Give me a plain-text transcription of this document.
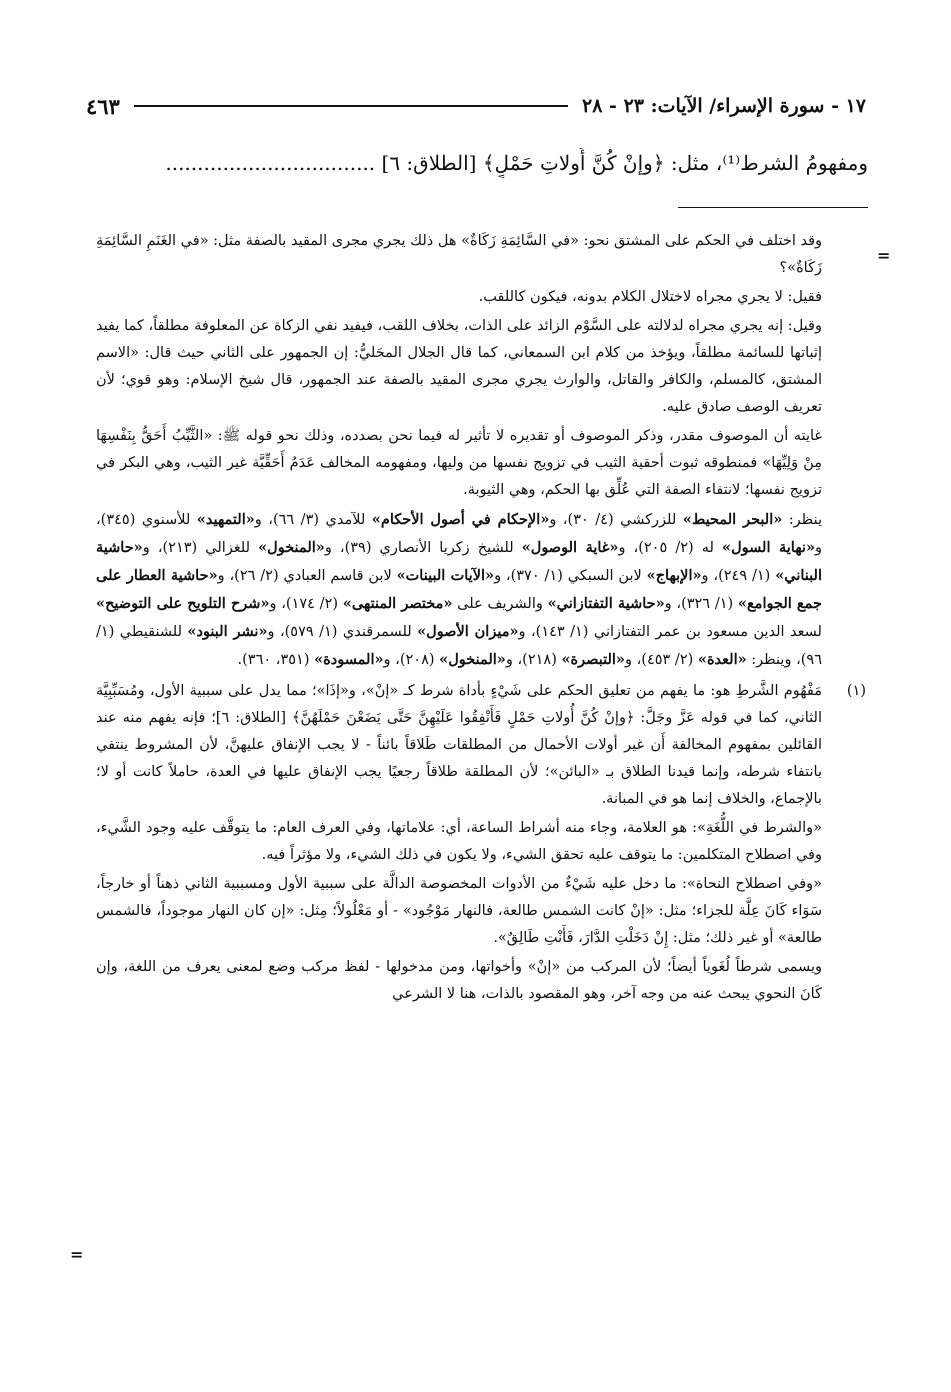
١٧ - سورة الإسراء/ الآيات: ٢٣ - ٢٨
٤٦٣
ومفهومُ الشرط⁽¹⁾، مثل: ﴿وإنْ كُنَّ أُولاتِ حَمْلٍ﴾ [الطلاق: ٦] .................................
=

وقد اختلف في الحكم على المشتق نحو: «في السَّائِمَةِ زَكَاةٌ» هل ذلك يجري مجرى المقيد بالصفة مثل: «في الغَنَمِ السَّائِمَةِ زَكَاةٌ»؟

فقيل: لا يجري مجراه لاختلال الكلام بدونه، فيكون كاللقب.

وقيل: إنه يجري مجراه لدلالته على السَّوْم الزائد على الذات، بخلاف اللقب، فيفيد نفي الزكاة عن المعلوفة مطلقاً، كما يفيد إثباتها للسائمة مطلقاً، ويؤخذ من كلام ابن السمعاني، كما قال الجلال المحَليُّ: إن الجمهور على الثاني حيث قال: «الاسم المشتق، كالمسلم، والكافر والقاتل، والوارث يجري مجرى المقيد بالصفة عند الجمهور، قال شيخ الإسلام: وهو قوي؛ لأن تعريف الوصف صادق عليه.

غايته أن الموصوف مقدر، وذكر الموصوف أو تقديره لا تأثير له فيما نحن بصدده، وذلك نحو قوله ﷺ: «الثَّيِّبُ أَحَقُّ بِنَفْسِهَا مِنْ وَلِيِّهَا» فمنطوقه ثبوت أحقية الثيب في تزويج نفسها من وليها، ومفهومه المخالف عَدَمُ أَحَقِّيَّة غير الثيب، وهي البكر في تزويج نفسها؛ لانتفاء الصفة التي عُلِّق بها الحكم، وهي الثيوبة.

ينظر: «البحر المحيط» للزركشي (٤/ ٣٠)، و«الإحكام في أصول الأحكام» للآمدي (٣/ ٦٦)، و«التمهيد» للأسنوي (٣٤٥)، و«نهاية السول» له (٢/ ٢٠٥)، و«غاية الوصول» للشيخ زكريا الأنصاري (٣٩)، و«المنخول» للغزالي (٢١٣)، و«حاشية البناني» (١/ ٢٤٩)، و«الإبهاج» لابن السبكي (١/ ٣٧٠)، و«الآيات البينات» لابن قاسم العبادي (٢/ ٢٦)، و«حاشية العطار على جمع الجوامع» (١/ ٣٢٦)، و«حاشية التفتازاني» والشريف على «مختصر المنتهى» (٢/ ١٧٤)، و«شرح التلويح على التوضيح» لسعد الدين مسعود بن عمر التفتازاني (١/ ١٤٣)، و«ميزان الأصول» للسمرقندي (١/ ٥٧٩)، و«نشر البنود» للشنقيطي (١/ ٩٦)، وينظر: «العدة» (٢/ ٤٥٣)، و«التبصرة» (٢١٨)، و«المنخول» (٢٠٨)، و«المسودة» (٣٥١، ٣٦٠).

(١)
مَفْهُوم الشَّرطِ هو: ما يفهم من تعليق الحكم على شَيْءٍ بأداة شرط كـ «إنْ»، و«إذَا»؛ مما يدل على سببية الأول، ومُسَبِّبِيَّة الثاني، كما في قوله عَزَّ وجَلَّ: ﴿وإنْ كُنَّ أُولاتِ حَمْلٍ فَأَنْفِقُوا عَلَيْهِنَّ حَتَّى يَضَعْنَ حَمْلَهُنَّ﴾ [الطلاق: ٦]؛ فإنه يفهم منه عند القائلين بمفهوم المخالفة أَن غير أولات الأحمال من المطلقات طَلاقاً بائناً - لا يجب الإنفاق عليهنَّ، لأن المشروط ينتفي بانتفاء شرطه، وإنما قيدنا الطلاق بـ «البائن»؛ لأن المطلقة طلاقاً رجعيًا يجب الإنفاق عليها في العدة، حاملاً كانت أو لا؛ بالإجماع، والخلاف إنما هو في المبانة.

«والشرط في اللُّغَةِ»: هو العلامة، وجاء منه أشراط الساعة، أي: علاماتها، وفي العرف العام: ما يتوقَّف عليه وجود الشَّيء، وفي اصطلاح المتكلمين: ما يتوقف عليه تحقق الشيء، ولا يكون في ذلك الشيء، ولا مؤثراً فيه.

«وفي اصطلاح النحاة»: ما دخل عليه شَيْءٌ من الأدوات المخصوصة الدالَّة على سببية الأول ومسببية الثاني ذهناً أو خارجاً، سَوَاء كَانَ عِلَّة للجزاء؛ مثل: «إنْ كانت الشمس طالعة، فالنهار مَوْجُود» - أو مَعْلُولاً؛ مِثل: «إن كان النهار موجوداً، فالشمس طالعة» أو غير ذلك؛ مثل: إِنْ دَخَلْتِ الدَّارَ، فَأَنْتِ طَالِقٌ».

ويسمى شرطاً لُغَوياً أيضاً؛ لأن المركب من «إنْ» وأخواتها، ومن مدخولها - لفظ مركب وضع لمعنى يعرف من اللغة، وإن كَانَ النحوي يبحث عنه من وجه آخر، وهو المقصود بالذات، هنا لا الشرعي

=
